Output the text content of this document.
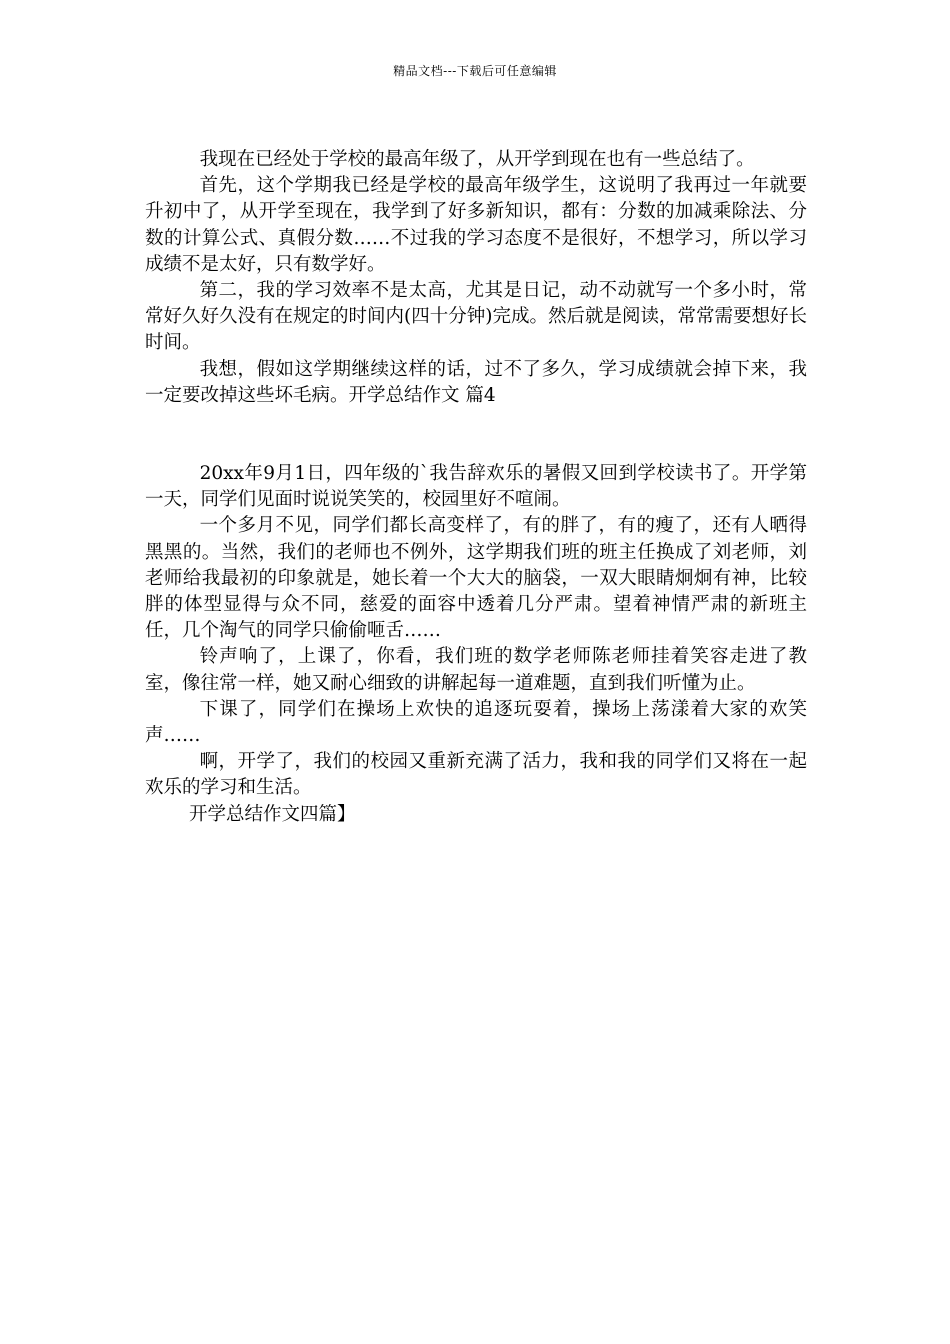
精品文档---下载后可任意编辑

我现在已经处于学校的最高年级了，从开学到现在也有一些总结了。

首先，这个学期我已经是学校的最高年级学生，这说明了我再过一年就要升初中了，从开学至现在，我学到了好多新知识，都有：分数的加减乘除法、分数的计算公式、真假分数……不过我的学习态度不是很好，不想学习，所以学习成绩不是太好，只有数学好。

第二，我的学习效率不是太高，尤其是日记，动不动就写一个多小时，常常好久好久没有在规定的时间内(四十分钟)完成。然后就是阅读，常常需要想好长时间。

我想，假如这学期继续这样的话，过不了多久，学习成绩就会掉下来，我一定要改掉这些坏毛病。开学总结作文 篇4

20xx年9月1日，四年级的`我告辞欢乐的暑假又回到学校读书了。开学第一天，同学们见面时说说笑笑的，校园里好不喧闹。

一个多月不见，同学们都长高变样了，有的胖了，有的瘦了，还有人晒得黑黑的。当然，我们的老师也不例外，这学期我们班的班主任换成了刘老师，刘老师给我最初的印象就是，她长着一个大大的脑袋，一双大眼睛炯炯有神，比较胖的体型显得与众不同，慈爱的面容中透着几分严肃。望着神情严肃的新班主任，几个淘气的同学只偷偷咂舌……

铃声响了，上课了，你看，我们班的数学老师陈老师挂着笑容走进了教室，像往常一样，她又耐心细致的讲解起每一道难题，直到我们听懂为止。

下课了，同学们在操场上欢快的追逐玩耍着，操场上荡漾着大家的欢笑声……

啊，开学了，我们的校园又重新充满了活力，我和我的同学们又将在一起欢乐的学习和生活。

开学总结作文四篇】
